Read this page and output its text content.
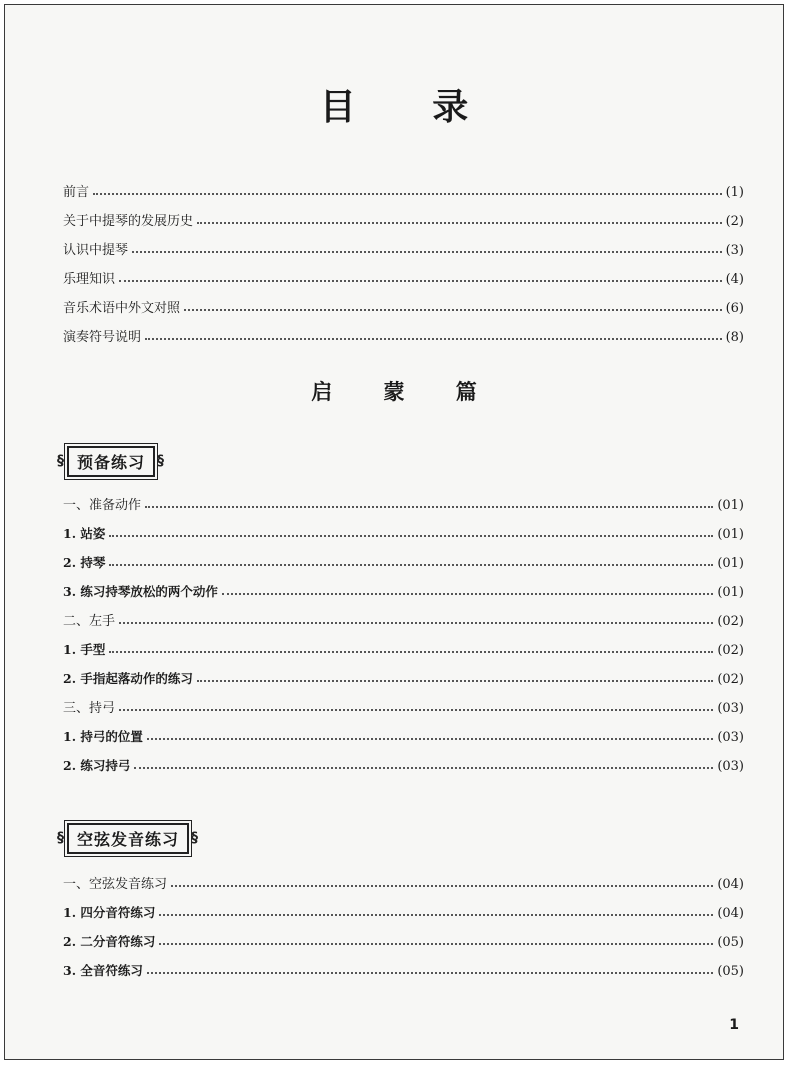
目 录
前言	(1)
关于中提琴的发展历史	(2)
认识中提琴	(3)
乐理知识	(4)
音乐术语中外文对照	(6)
演奏符号说明	(8)
启 蒙 篇
§ 预备练习 §
一、准备动作	(01)
1. 站姿	(01)
2. 持琴	(01)
3. 练习持琴放松的两个动作	(01)
二、左手	(02)
1. 手型	(02)
2. 手指起落动作的练习	(02)
三、持弓	(03)
1. 持弓的位置	(03)
2. 练习持弓	(03)
§ 空弦发音练习 §
一、空弦发音练习	(04)
1. 四分音符练习	(04)
2. 二分音符练习	(05)
3. 全音符练习	(05)
1
